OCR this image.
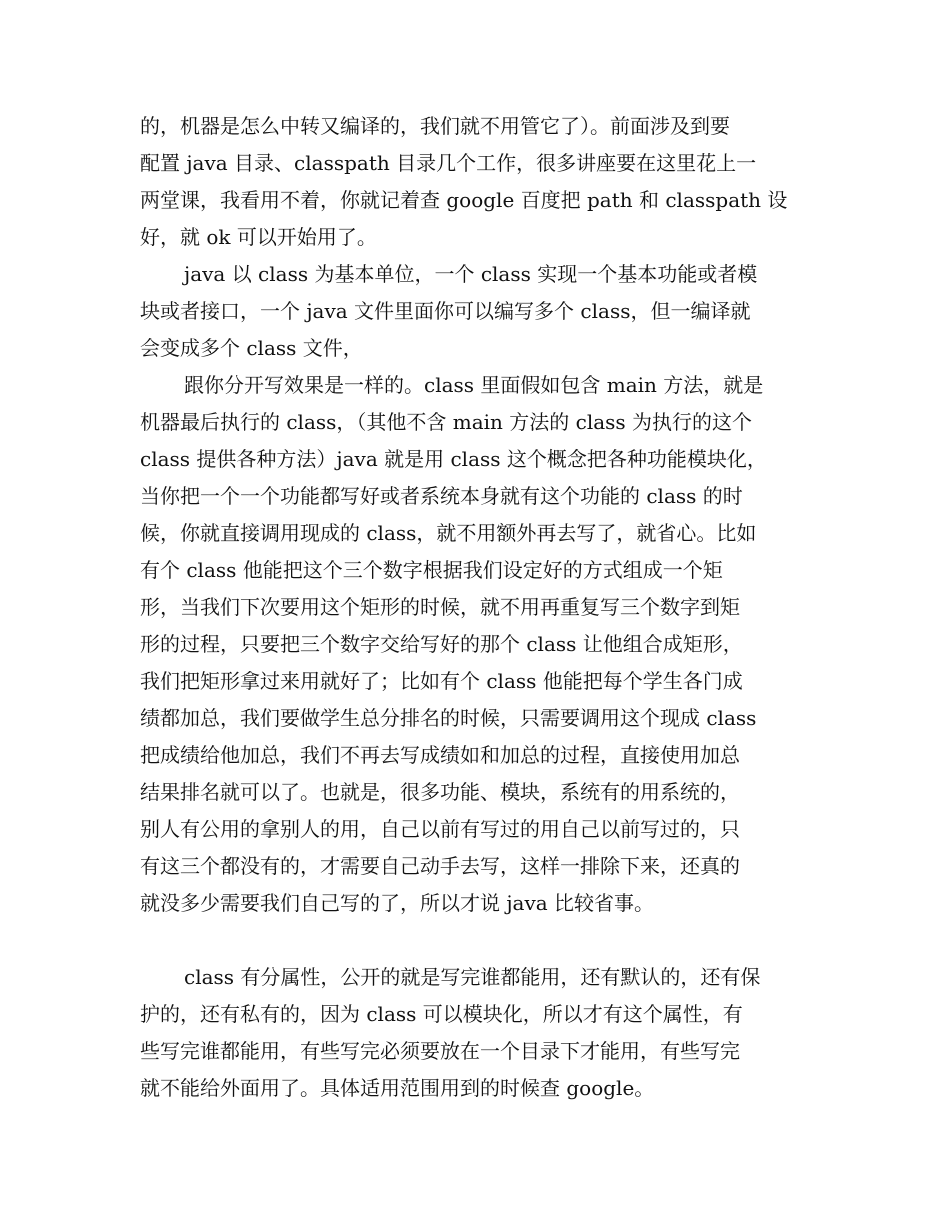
的，机器是怎么中转又编译的，我们就不用管它了）。前面涉及到要
配置 java 目录、classpath 目录几个工作，很多讲座要在这里花上一
两堂课，我看用不着，你就记着查 google 百度把 path 和 classpath 设
好，就 ok 可以开始用了。
java 以 class 为基本单位，一个 class 实现一个基本功能或者模
块或者接口，一个 java 文件里面你可以编写多个 class，但一编译就
会变成多个 class 文件，
跟你分开写效果是一样的。class 里面假如包含 main 方法，就是
机器最后执行的 class，（其他不含 main 方法的 class 为执行的这个
class 提供各种方法）java 就是用 class 这个概念把各种功能模块化，
当你把一个一个功能都写好或者系统本身就有这个功能的 class 的时
候，你就直接调用现成的 class，就不用额外再去写了，就省心。比如
有个 class 他能把这个三个数字根据我们设定好的方式组成一个矩
形，当我们下次要用这个矩形的时候，就不用再重复写三个数字到矩
形的过程，只要把三个数字交给写好的那个 class 让他组合成矩形，
我们把矩形拿过来用就好了；比如有个 class 他能把每个学生各门成
绩都加总，我们要做学生总分排名的时候，只需要调用这个现成 class
把成绩给他加总，我们不再去写成绩如和加总的过程，直接使用加总
结果排名就可以了。也就是，很多功能、模块，系统有的用系统的，
别人有公用的拿别人的用，自己以前有写过的用自己以前写过的，只
有这三个都没有的，才需要自己动手去写，这样一排除下来，还真的
就没多少需要我们自己写的了，所以才说 java 比较省事。
class 有分属性，公开的就是写完谁都能用，还有默认的，还有保
护的，还有私有的，因为 class 可以模块化，所以才有这个属性，有
些写完谁都能用，有些写完必须要放在一个目录下才能用，有些写完
就不能给外面用了。具体适用范围用到的时候查 google。
